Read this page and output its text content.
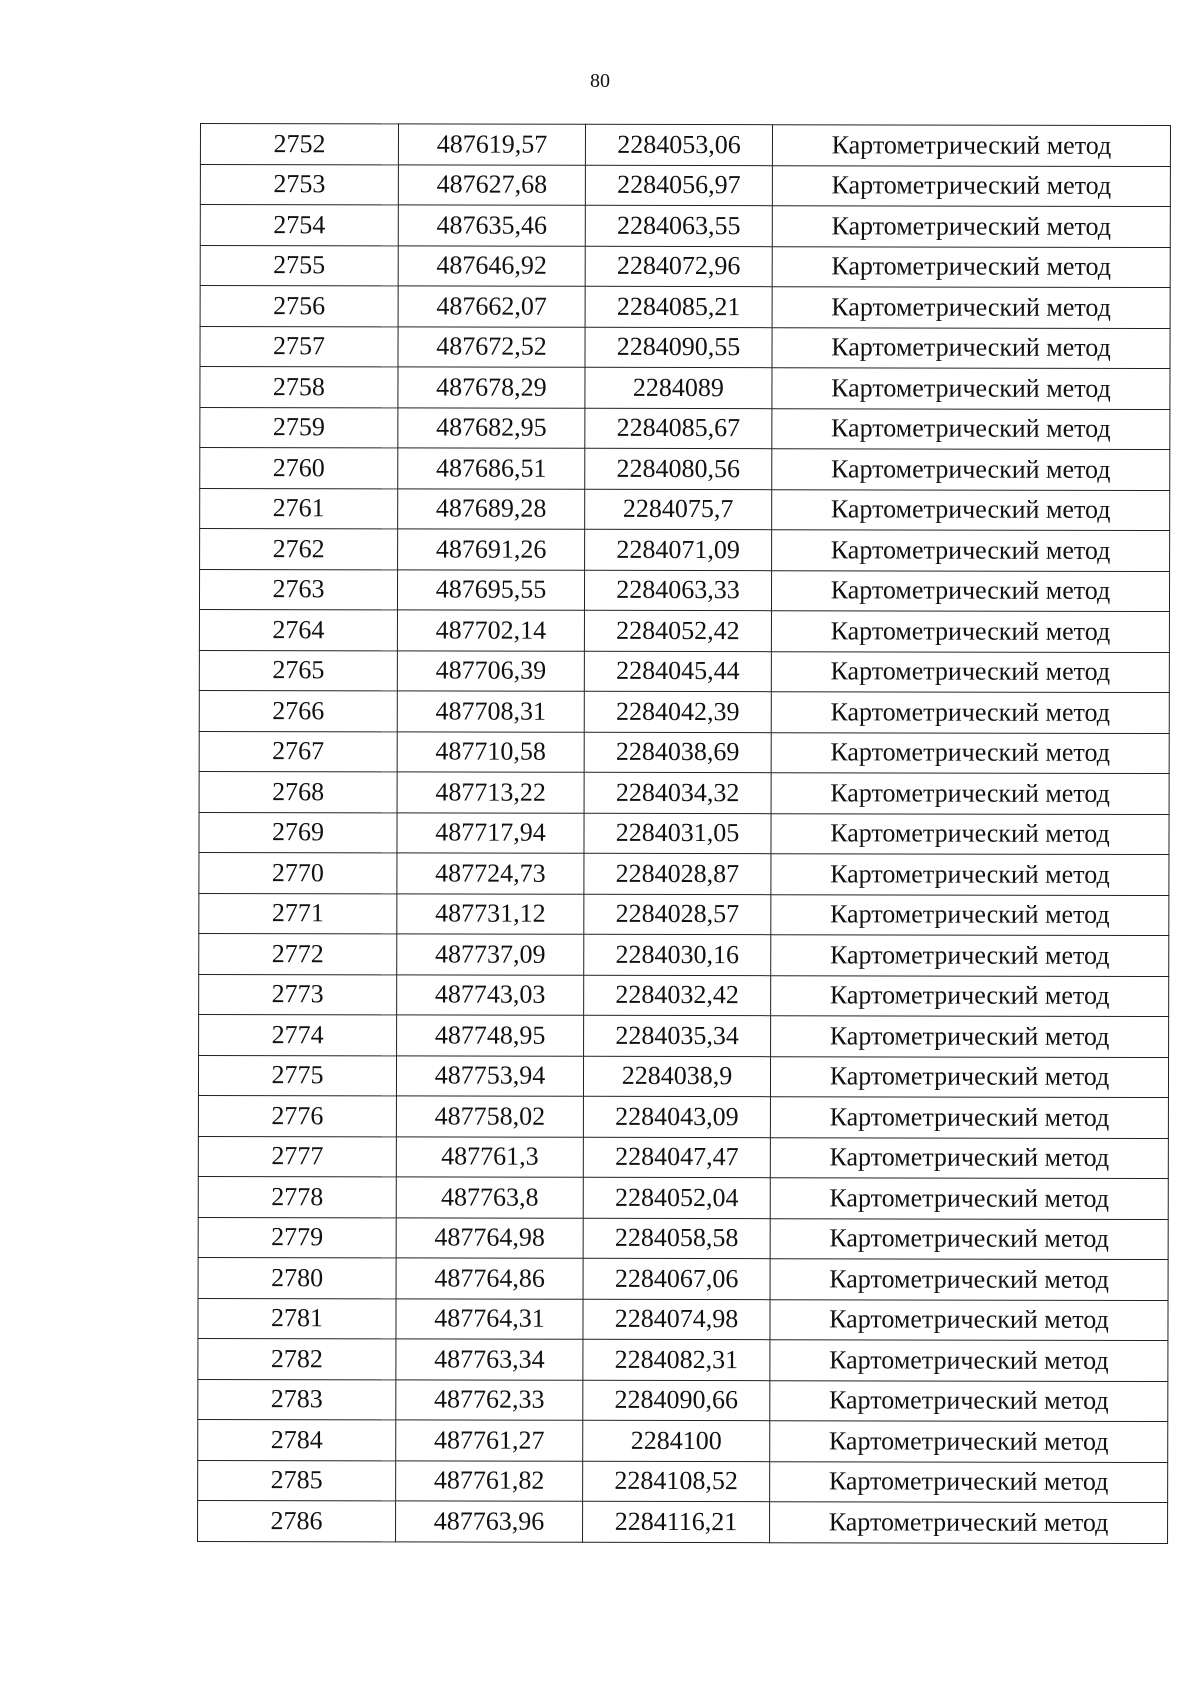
80
2752	487619,57	2284053,06	Картометрический метод
2753	487627,68	2284056,97	Картометрический метод
2754	487635,46	2284063,55	Картометрический метод
2755	487646,92	2284072,96	Картометрический метод
2756	487662,07	2284085,21	Картометрический метод
2757	487672,52	2284090,55	Картометрический метод
2758	487678,29	2284089	Картометрический метод
2759	487682,95	2284085,67	Картометрический метод
2760	487686,51	2284080,56	Картометрический метод
2761	487689,28	2284075,7	Картометрический метод
2762	487691,26	2284071,09	Картометрический метод
2763	487695,55	2284063,33	Картометрический метод
2764	487702,14	2284052,42	Картометрический метод
2765	487706,39	2284045,44	Картометрический метод
2766	487708,31	2284042,39	Картометрический метод
2767	487710,58	2284038,69	Картометрический метод
2768	487713,22	2284034,32	Картометрический метод
2769	487717,94	2284031,05	Картометрический метод
2770	487724,73	2284028,87	Картометрический метод
2771	487731,12	2284028,57	Картометрический метод
2772	487737,09	2284030,16	Картометрический метод
2773	487743,03	2284032,42	Картометрический метод
2774	487748,95	2284035,34	Картометрический метод
2775	487753,94	2284038,9	Картометрический метод
2776	487758,02	2284043,09	Картометрический метод
2777	487761,3	2284047,47	Картометрический метод
2778	487763,8	2284052,04	Картометрический метод
2779	487764,98	2284058,58	Картометрический метод
2780	487764,86	2284067,06	Картометрический метод
2781	487764,31	2284074,98	Картометрический метод
2782	487763,34	2284082,31	Картометрический метод
2783	487762,33	2284090,66	Картометрический метод
2784	487761,27	2284100	Картометрический метод
2785	487761,82	2284108,52	Картометрический метод
2786	487763,96	2284116,21	Картометрический метод
